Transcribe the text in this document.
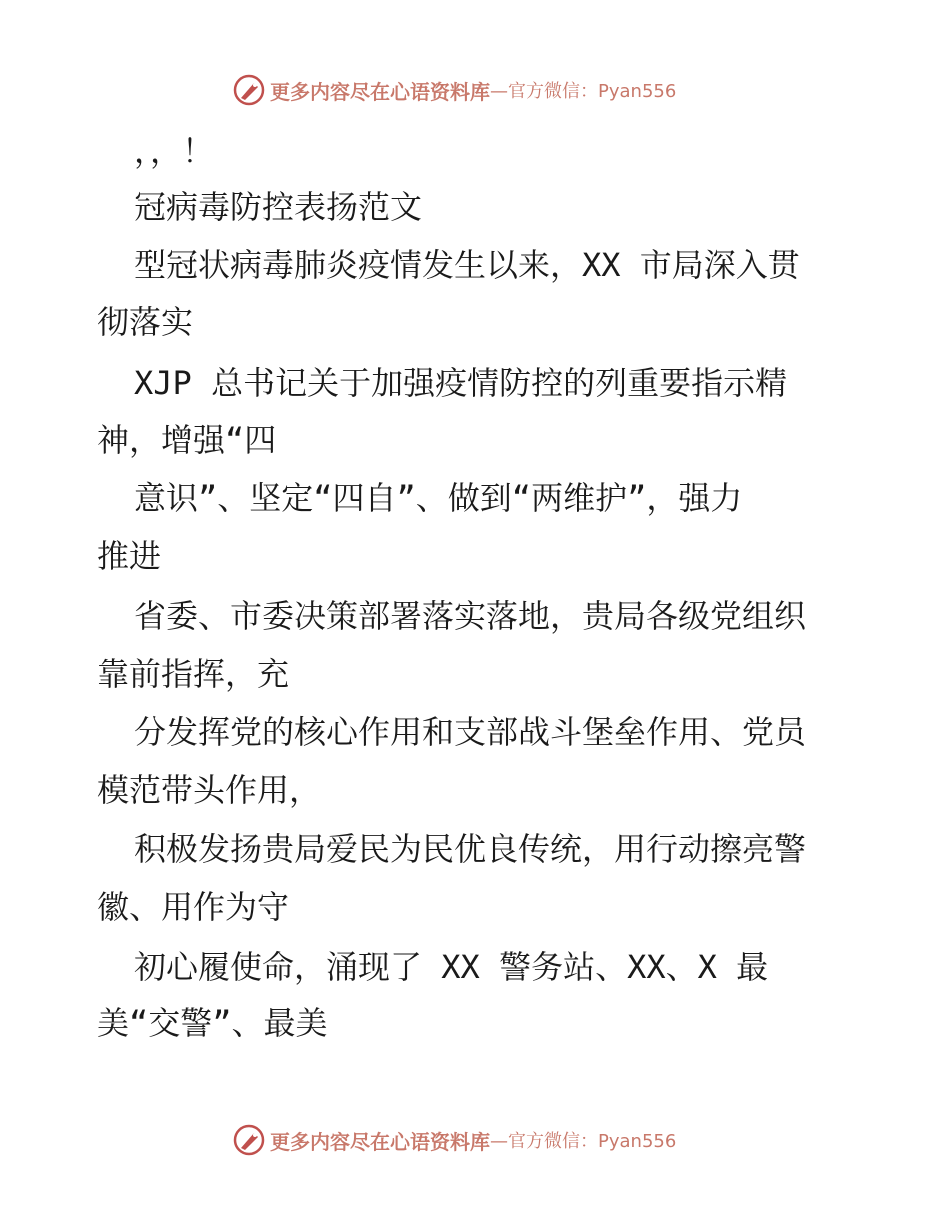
更多内容尽在心语资料库 —官方微信：Pyan556
，，！
冠病毒防控表扬范文
型冠状病毒肺炎疫情发生以来，XX 市局深入贯
彻落实
XJP 总书记关于加强疫情防控的列重要指示精
神，增强“四
意识”、坚定“四自”、做到“两维护”，强力
推进
省委、市委决策部署落实落地，贵局各级党组织
靠前指挥，充
分发挥党的核心作用和支部战斗堡垒作用、党员
模范带头作用，
积极发扬贵局爱民为民优良传统，用行动擦亮警
徽、用作为守
初心履使命，涌现了 XX 警务站、XX、X 最
美“交警”、最美
更多内容尽在心语资料库 —官方微信：Pyan556
